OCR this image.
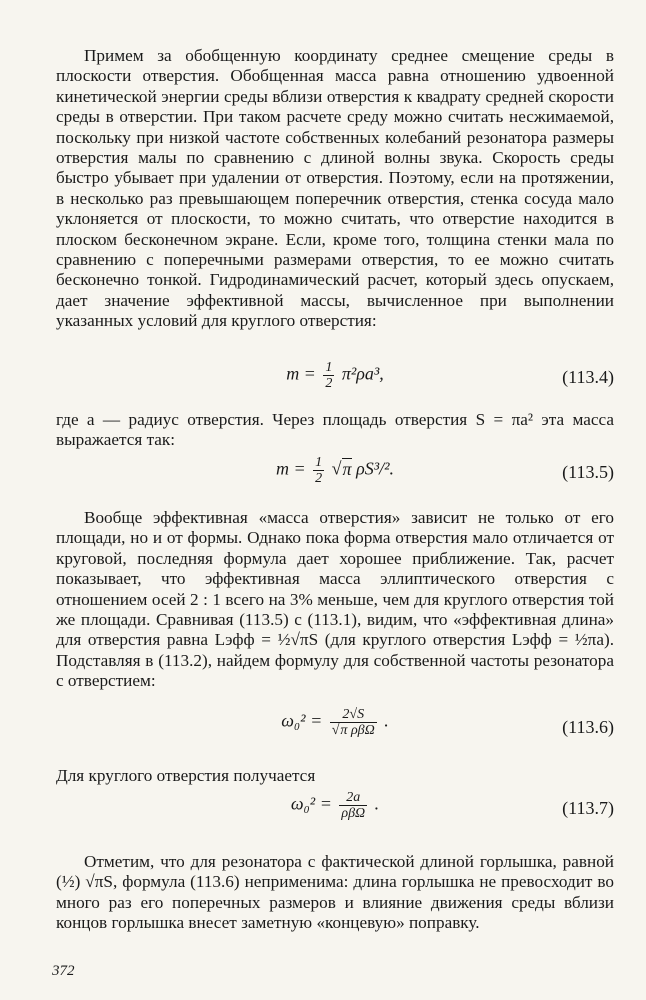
Примем за обобщенную координату среднее смещение среды в плоскости отверстия. Обобщенная масса равна отношению удвоенной кинетической энергии среды вблизи отверстия к квадрату средней скорости среды в отверстии. При таком расчете среду можно считать несжимаемой, поскольку при низкой частоте собственных колебаний резонатора размеры отверстия малы по сравнению с длиной волны звука. Скорость среды быстро убывает при удалении от отверстия. Поэтому, если на протяжении, в несколько раз превышающем поперечник отверстия, стенка сосуда мало уклоняется от плоскости, то можно считать, что отверстие находится в плоском бесконечном экране. Если, кроме того, толщина стенки мала по сравнению с поперечными размерами отверстия, то ее можно считать бесконечно тонкой. Гидродинамический расчет, который здесь опускаем, дает значение эффективной массы, вычисленное при выполнении указанных условий для круглого отверстия:

$m = \frac{1}{2} \pi^2\rho a^3$,	(113.4)

где a — радиус отверстия. Через площадь отверстия S = πa² эта масса выражается так:

$m = \frac{1}{2} √\pi$ ρS³/².	(113.5)

Вообще эффективная «масса отверстия» зависит не только от его площади, но и от формы. Однако пока форма отверстия мало отличается от круговой, последняя формула дает хорошее приближение. Так, расчет показывает, что эффективная масса эллиптического отверстия с отношением осей 2 : 1 всего на 3% меньше, чем для круглого отверстия той же площади. Сравнивая (113.5) с (113.1), видим, что «эффективная длина» для отверстия равна Lэфф = ½√πS (для круглого отверстия Lэфф = ½πa). Подставляя в (113.2), найдем формулу для собственной частоты резонатора с отверстием:

$\omega_0^2 = \frac{2√S}{\text{√π ρβΩ}}$ .	(113.6)

Для круглого отверстия получается

$\omega_0^2 = \frac{2a}{\text{ρβΩ}}$ .	(113.7)

Отметим, что для резонатора с фактической длиной горлышка, равной (½) √πS, формула (113.6) неприменима: длина горлышка не превосходит во много раз его поперечных размеров и влияние движения среды вблизи концов горлышка внесет заметную «концевую» поправку.

372
